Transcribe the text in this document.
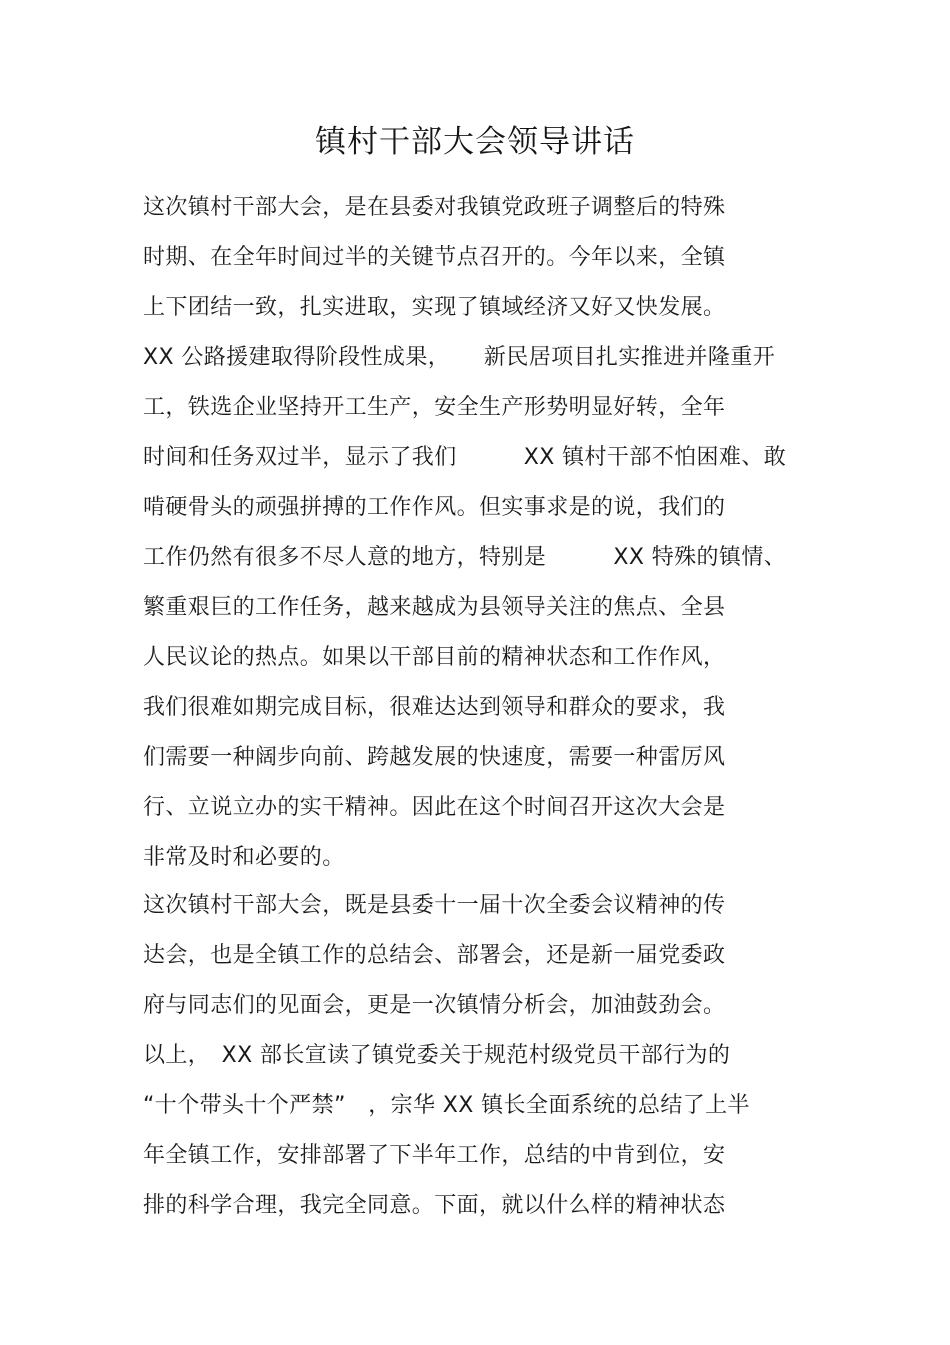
镇村干部大会领导讲话
这次镇村干部大会，是在县委对我镇党政班子调整后的特殊
时期、在全年时间过半的关键节点召开的。今年以来，全镇
上下团结一致，扎实进取，实现了镇域经济又好又快发展。
XX 公路援建取得阶段性成果，　　新民居项目扎实推进并隆重开
工，铁选企业坚持开工生产，安全生产形势明显好转，全年
时间和任务双过半，显示了我们　　　XX 镇村干部不怕困难、敢
啃硬骨头的顽强拼搏的工作作风。但实事求是的说，我们的
工作仍然有很多不尽人意的地方，特别是　　　XX 特殊的镇情、
繁重艰巨的工作任务，越来越成为县领导关注的焦点、全县
人民议论的热点。如果以干部目前的精神状态和工作作风，
我们很难如期完成目标，很难达达到领导和群众的要求，我
们需要一种阔步向前、跨越发展的快速度，需要一种雷厉风
行、立说立办的实干精神。因此在这个时间召开这次大会是
非常及时和必要的。
这次镇村干部大会，既是县委十一届十次全委会议精神的传
达会，也是全镇工作的总结会、部署会，还是新一届党委政
府与同志们的见面会，更是一次镇情分析会，加油鼓劲会。
以上，　XX 部长宣读了镇党委关于规范村级党员干部行为的
“十个带头十个严禁”　，宗华 XX 镇长全面系统的总结了上半
年全镇工作，安排部署了下半年工作，总结的中肯到位，安
排的科学合理，我完全同意。下面，就以什么样的精神状态
